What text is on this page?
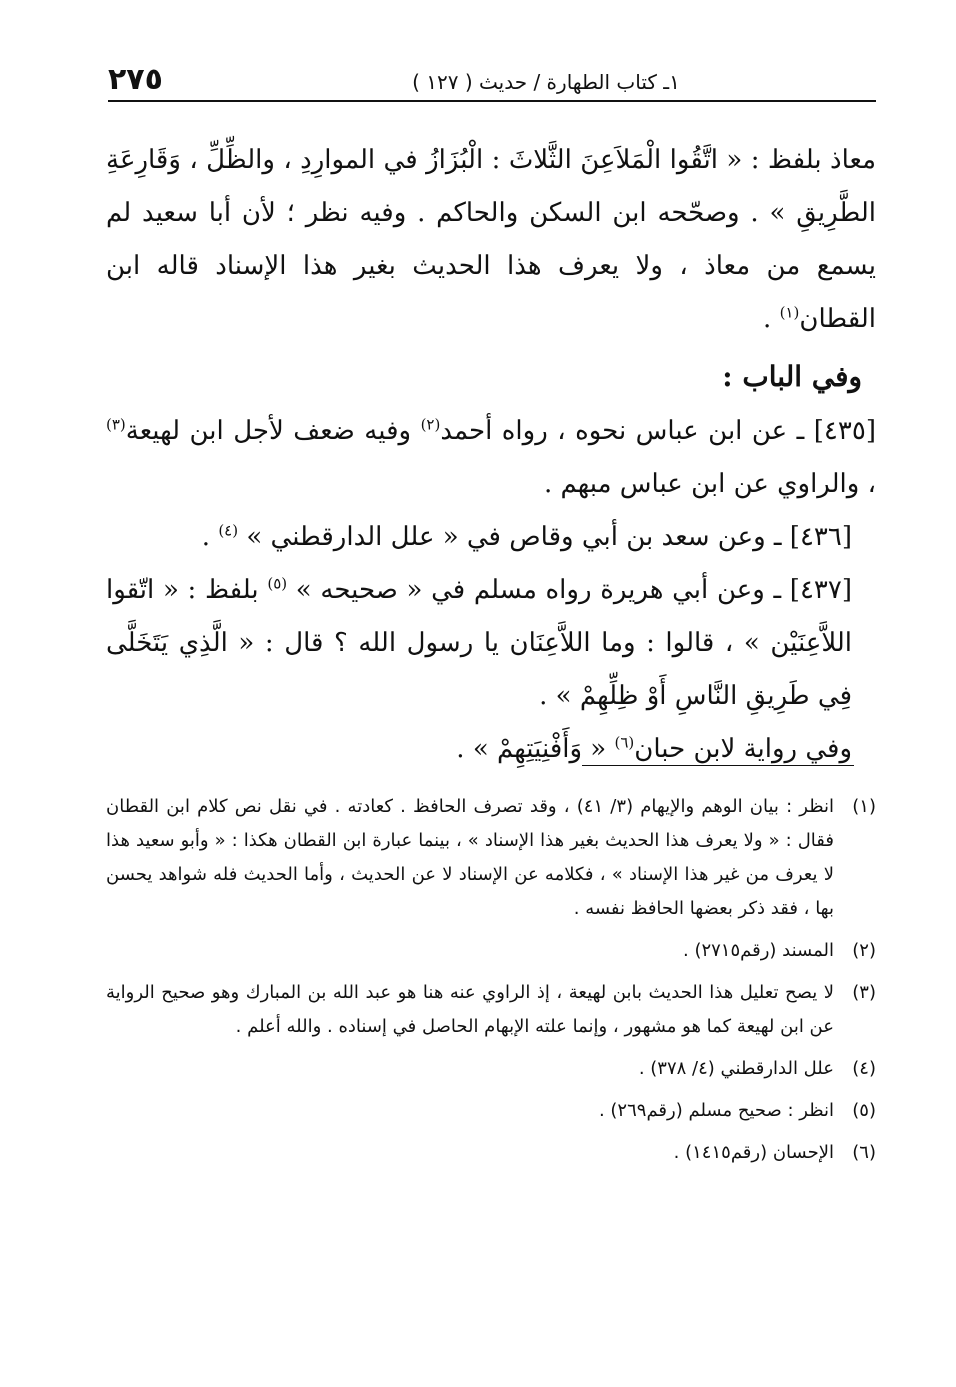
١ـ كتاب الطهارة / حديث ( ١٢٧ )
٢٧٥

معاذ بلفظ : « اتَّقُوا الْمَلاَعِنَ الثَّلاثَ : الْبُزَازُ في الموارِدِ ، والظِّلِّ ، وَقَارِعَةِ الطَّرِيقِ » . وصحّحه ابن السكن والحاكم . وفيه نظر ؛ لأن أبا سعيد لم يسمع من معاذ ، ولا يعرف هذا الحديث بغير هذا الإسناد قاله ابن القطان$^{(١)}$ .

وفي الباب :

[٤٣٥] ـ عن ابن عباس نحوه ، رواه أحمد$^{(٢)}$ وفيه ضعف لأجل ابن لهيعة$^{(٣)}$ ، والراوي عن ابن عباس مبهم .

[٤٣٦] ـ وعن سعد بن أبي وقاص في « علل الدارقطني » $^{(٤)}$ .

[٤٣٧] ـ وعن أبي هريرة رواه مسلم في « صحيحه » $^{(٥)}$ بلفظ : « اتّقوا اللاَّعِنَيْن » ، قالوا : وما اللاَّعِنَان يا رسول الله ؟ قال : « الَّذِي يَتَخَلَّى فِي طَرِيقِ النَّاسِ أَوْ ظِلِّهِمْ » .

وفي رواية لابن حبان$^{(٦)}$ « وَأَفْنِيَتِهِمْ » .

(١)
انظر : بيان الوهم والإيهام (٣/ ٤١) ، وقد تصرف الحافظ . كعادته . في نقل نص كلام ابن القطان فقال : « ولا يعرف هذا الحديث بغير هذا الإسناد » ، بينما عبارة ابن القطان هكذا : « وأبو سعيد هذا لا يعرف من غير هذا الإسناد » ، فكلامه عن الإسناد لا عن الحديث ، وأما الحديث فله شواهد يحسن بها ، فقد ذكر بعضها الحافظ نفسه .
(٢)
المسند (رقم٢٧١٥) .
(٣)
لا يصح تعليل هذا الحديث بابن لهيعة ، إذ الراوي عنه هنا هو عبد الله بن المبارك وهو صحيح الرواية عن ابن لهيعة كما هو مشهور ، وإنما علته الإبهام الحاصل في إسناده . والله أعلم .
(٤)
علل الدارقطني (٤/ ٣٧٨) .
(٥)
انظر : صحيح مسلم (رقم٢٦٩) .
(٦)
الإحسان (رقم١٤١٥) .
